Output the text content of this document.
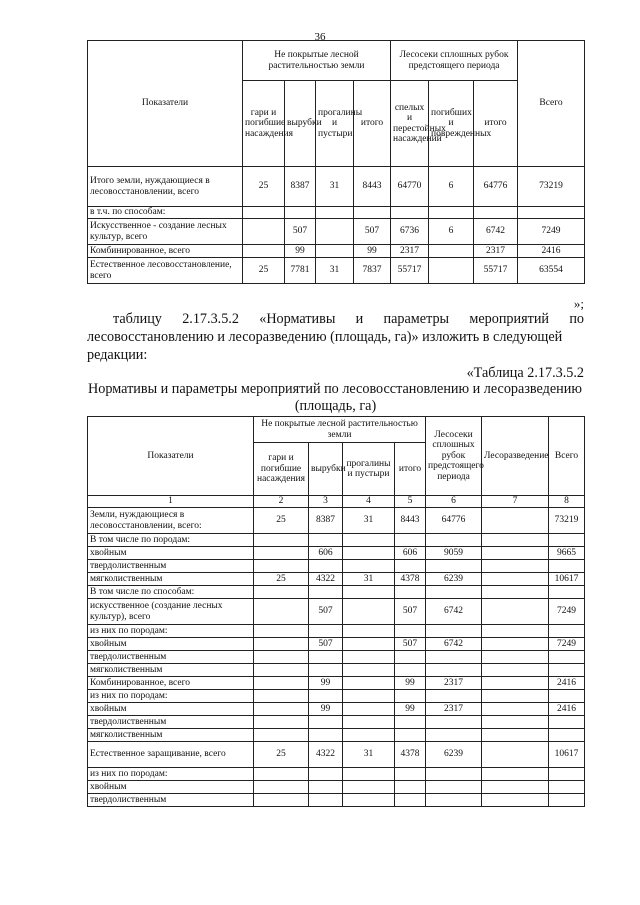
36
Показатели	Не покрытые лесной растительностью земли				Лесосеки сплошных рубок предстоящего периода			Всего
	гари и погибшие насаждения	вырубки	прогалины и пустыри	итого	спелых и перестойных насаждений	погибших и поврежденных	итого	
Итого земли, нуждающиеся в лесовосстановлении, всего	25	8387	31	8443	64770	6	64776	73219
в т.ч. по способам:								
Искусственное - создание лесных культур, всего		507		507	6736	6	6742	7249
Комбинированное, всего		99		99	2317		2317	2416
Естественное лесовосстановление, всего	25	7781	31	7837	55717		55717	63554
»;
таблицу 2.17.3.5.2 «Нормативы и параметры мероприятий по
лесовосстановлению и лесоразведению (площадь, га)» изложить в следующей
редакции:
«Таблица 2.17.3.5.2
Нормативы и параметры мероприятий по лесовосстановлению и лесоразведению
(площадь, га)
Показатели	Не покрытые лесной растительностью земли				Лесосеки сплошных рубок предстоящего периода	Лесоразведение	Всего
	гари и погибшие насаждения	вырубки	прогалины и пустыри	итого			
1	2	3	4	5	6	7	8
Земли, нуждающиеся в лесовосстановлении, всего:	25	8387	31	8443	64776		73219
В том числе по породам:							
хвойным		606		606	9059		9665
твердолиственным							
мягколиственным	25	4322	31	4378	6239		10617
В том числе по способам:							
искусственное (создание лесных культур), всего		507		507	6742		7249
из них по породам:							
хвойным		507		507	6742		7249
твердолиственным							
мягколиственным							
Комбинированное, всего		99		99	2317		2416
из них по породам:							
хвойным		99		99	2317		2416
твердолиственным							
мягколиственным							
Естественное заращивание, всего	25	4322	31	4378	6239		10617
из них по породам:							
хвойным							
твердолиственным							
